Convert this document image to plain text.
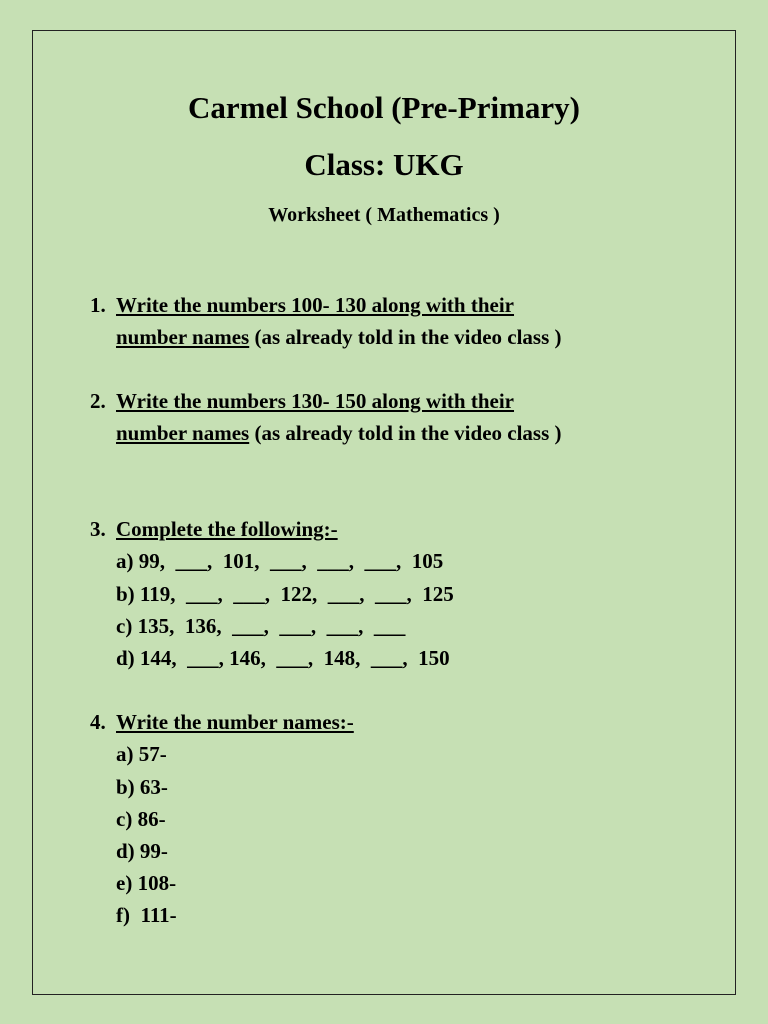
Carmel School (Pre-Primary)
Class: UKG
Worksheet ( Mathematics )
1. Write the numbers 100- 130 along with their
number names (as already told in the video class )
2. Write the numbers 130- 150 along with their
number names (as already told in the video class )
3. Complete the following:-
a) 99,  ___,  101,  ___,  ___,  ___,  105
b) 119,  ___,  ___,  122,  ___,  ___,  125
c) 135,  136,  ___,  ___,  ___,  ___
d) 144,  ___, 146,  ___,  148,  ___,  150
4. Write the number names:-
a) 57-
b) 63-
c) 86-
d) 99-
e) 108-
f)  111-
